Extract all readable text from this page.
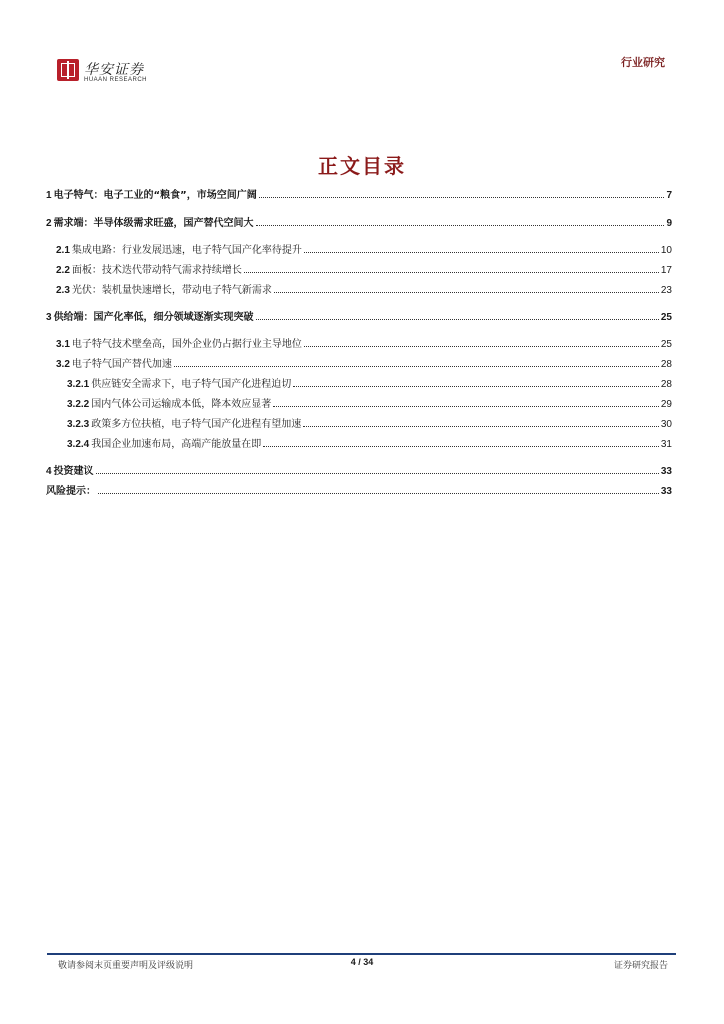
华安证券
HUAAN RESEARCH
行业研究
正文目录
1 电子特气：电子工业的“粮食”，市场空间广阔	7
2 需求端：半导体级需求旺盛，国产替代空间大	9
2.1 集成电路：行业发展迅速，电子特气国产化率待提升	10
2.2 面板：技术迭代带动特气需求持续增长	17
2.3 光伏：装机量快速增长，带动电子特气新需求	23
3 供给端：国产化率低，细分领域逐渐实现突破	25
3.1 电子特气技术壁垒高，国外企业仍占据行业主导地位	25
3.2 电子特气国产替代加速	28
3.2.1 供应链安全需求下，电子特气国产化进程迫切	28
3.2.2 国内气体公司运输成本低，降本效应显著	29
3.2.3 政策多方位扶植，电子特气国产化进程有望加速	30
3.2.4 我国企业加速布局，高端产能放量在即	31
4 投资建议	33
风险提示：	33
敬请参阅末页重要声明及评级说明	4 / 34	证券研究报告
